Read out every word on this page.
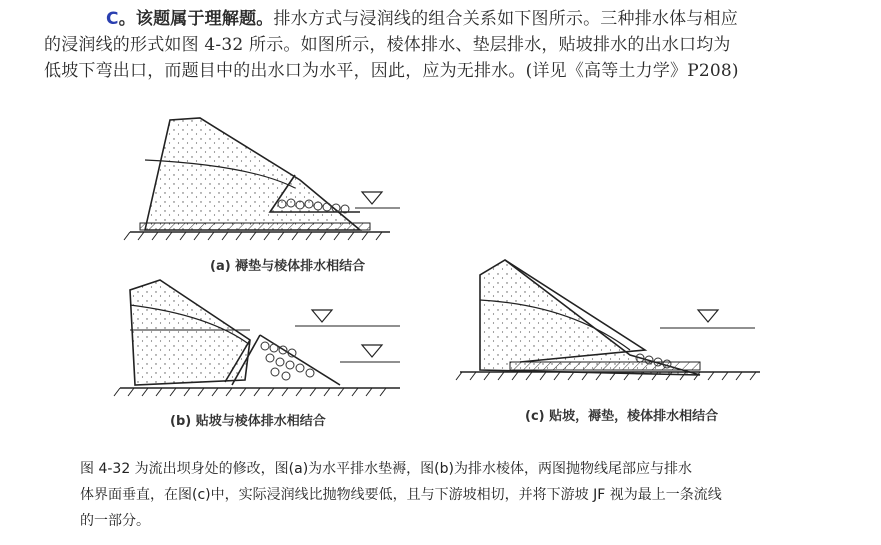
C。该题属于理解题。排水方式与浸润线的组合关系如下图所示。三种排水体与相应
的浸润线的形式如图 4-32 所示。如图所示，棱体排水、垫层排水，贴坡排水的出水口均为
低坡下弯出口，而题目中的出水口为水平，因此，应为无排水。(详见《高等土力学》P208)
(a) 褥垫与棱体排水相结合
(b) 贴坡与棱体排水相结合	(c) 贴坡，褥垫，棱体排水相结合
图 4-32 为流出坝身处的修改，图(a)为水平排水垫褥，图(b)为排水棱体，两图抛物线尾部应与排水
体界面垂直，在图(c)中，实际浸润线比抛物线要低，且与下游坡相切，并将下游坡 JF 视为最上一条流线
的一部分。
